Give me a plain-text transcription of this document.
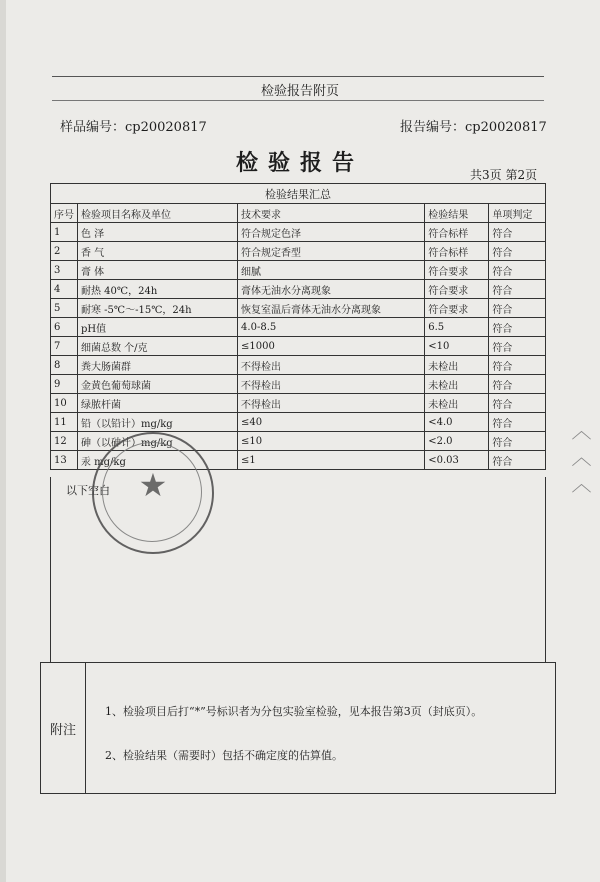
检验报告附页
样品编号：cp20020817	报告编号：cp20020817
检验报告	共3页 第2页
检验结果汇总				
序号	检验项目名称及单位	技术要求	检验结果	单项判定
1	色 泽	符合规定色泽	符合标样	符合
2	香 气	符合规定香型	符合标样	符合
3	膏 体	细腻	符合要求	符合
4	耐热 40℃，24h	膏体无油水分离现象	符合要求	符合
5	耐寒 -5℃～-15℃，24h	恢复室温后膏体无油水分离现象	符合要求	符合
6	pH值	4.0-8.5	6.5	符合
7	细菌总数 个/克	≤1000	<10	符合
8	粪大肠菌群	不得检出	未检出	符合
9	金黄色葡萄球菌	不得检出	未检出	符合
10	绿脓杆菌	不得检出	未检出	符合
11	铅（以铅计）mg/kg	≤40	<4.0	符合
12	砷（以砷计）mg/kg	≤10	<2.0	符合
13	汞 mg/kg	≤1	<0.03	符合
以下空白 ★
附注
1、检验项目后打“*”号标识者为分包实验室检验，见本报告第3页（封底页）。
2、检验结果（需要时）包括不确定度的估算值。
〈 〈 〈
